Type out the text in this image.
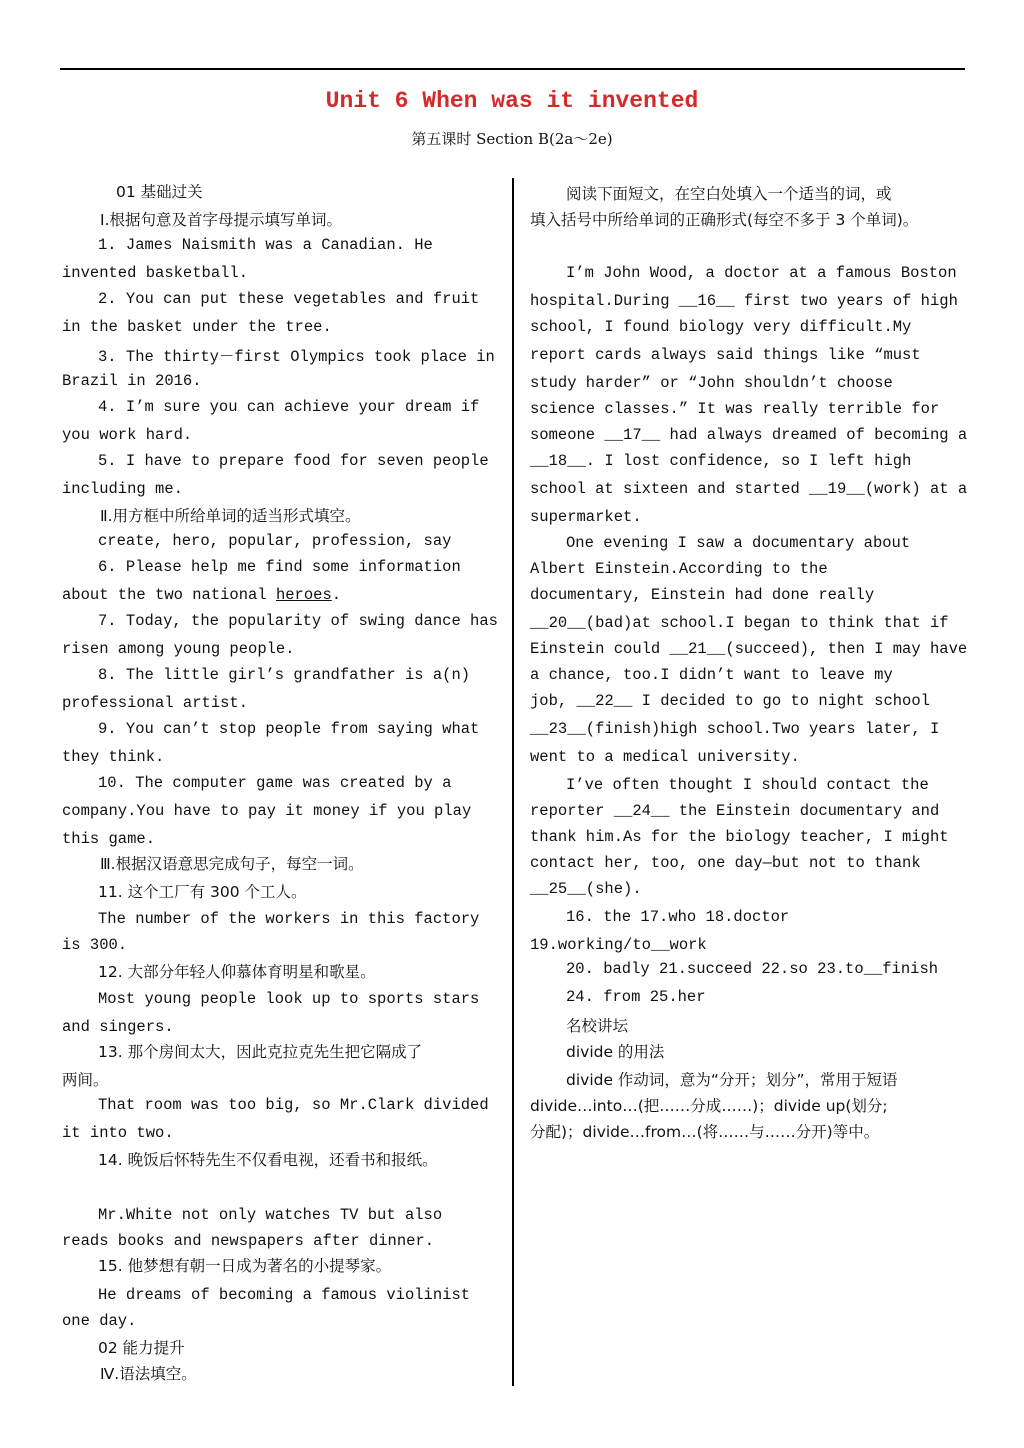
Unit 6 When was it invented
第五课时 Section B(2a～2e)
01 基础过关
Ⅰ.根据句意及首字母提示填写单词。
1. James Naismith was a Canadian. He
invented basketball.
2. You can put these vegetables and fruit
in the basket under the tree.
3. The thirty－first Olympics took place in
Brazil in 2016.
4. I’m sure you can achieve your dream if
you work hard.
5. I have to prepare food for seven people
including me.
Ⅱ.用方框中所给单词的适当形式填空。
create, hero, popular, profession, say
6. Please help me find some information
about the two national heroes.
7. Today, the popularity of swing dance has
risen among young people.
8. The little girl’s grandfather is a(n)
professional artist.
9. You can’t stop people from saying what
they think.
10. The computer game was created by a
company.You have to pay it money if you play
this game.
Ⅲ.根据汉语意思完成句子，每空一词。
11. 这个工厂有 300 个工人。
The number of the workers in this factory
is 300.
12. 大部分年轻人仰慕体育明星和歌星。
Most young people look up to sports stars
and singers.
13. 那个房间太大，因此克拉克先生把它隔成了
两间。
That room was too big, so Mr.Clark divided
it into two.
14. 晚饭后怀特先生不仅看电视，还看书和报纸。
Mr.White not only watches TV but also
reads books and newspapers after dinner.
15. 他梦想有朝一日成为著名的小提琴家。
He dreams of becoming a famous violinist
one day.
02 能力提升
Ⅳ.语法填空。
阅读下面短文，在空白处填入一个适当的词，或
填入括号中所给单词的正确形式(每空不多于 3 个单词)。
I’m John Wood, a doctor at a famous Boston
hospital.During __16__ first two years of high
school, I found biology very difficult.My
report cards always said things like “must
study harder” or “John shouldn’t choose
science classes.” It was really terrible for
someone __17__ had always dreamed of becoming a
__18__. I lost confidence, so I left high
school at sixteen and started __19__(work) at a
supermarket.
One evening I saw a documentary about
Albert Einstein.According to the
documentary, Einstein had done really
__20__(bad)at school.I began to think that if
Einstein could __21__(succeed), then I may have
a chance, too.I didn’t want to leave my
job, __22__ I decided to go to night school
__23__(finish)high school.Two years later, I
went to a medical university.
I’ve often thought I should contact the
reporter __24__ the Einstein documentary and
thank him.As for the biology teacher, I might
contact her, too, one day—but not to thank
__25__(she).
16. the 17.who 18.doctor
19.working/to__work
20. badly 21.succeed 22.so 23.to__finish
24. from 25.her
名校讲坛
divide 的用法
divide 作动词，意为“分开；划分”，常用于短语
divide…into…(把……分成……)；divide up(划分;
分配)；divide…from…(将……与……分开)等中。
